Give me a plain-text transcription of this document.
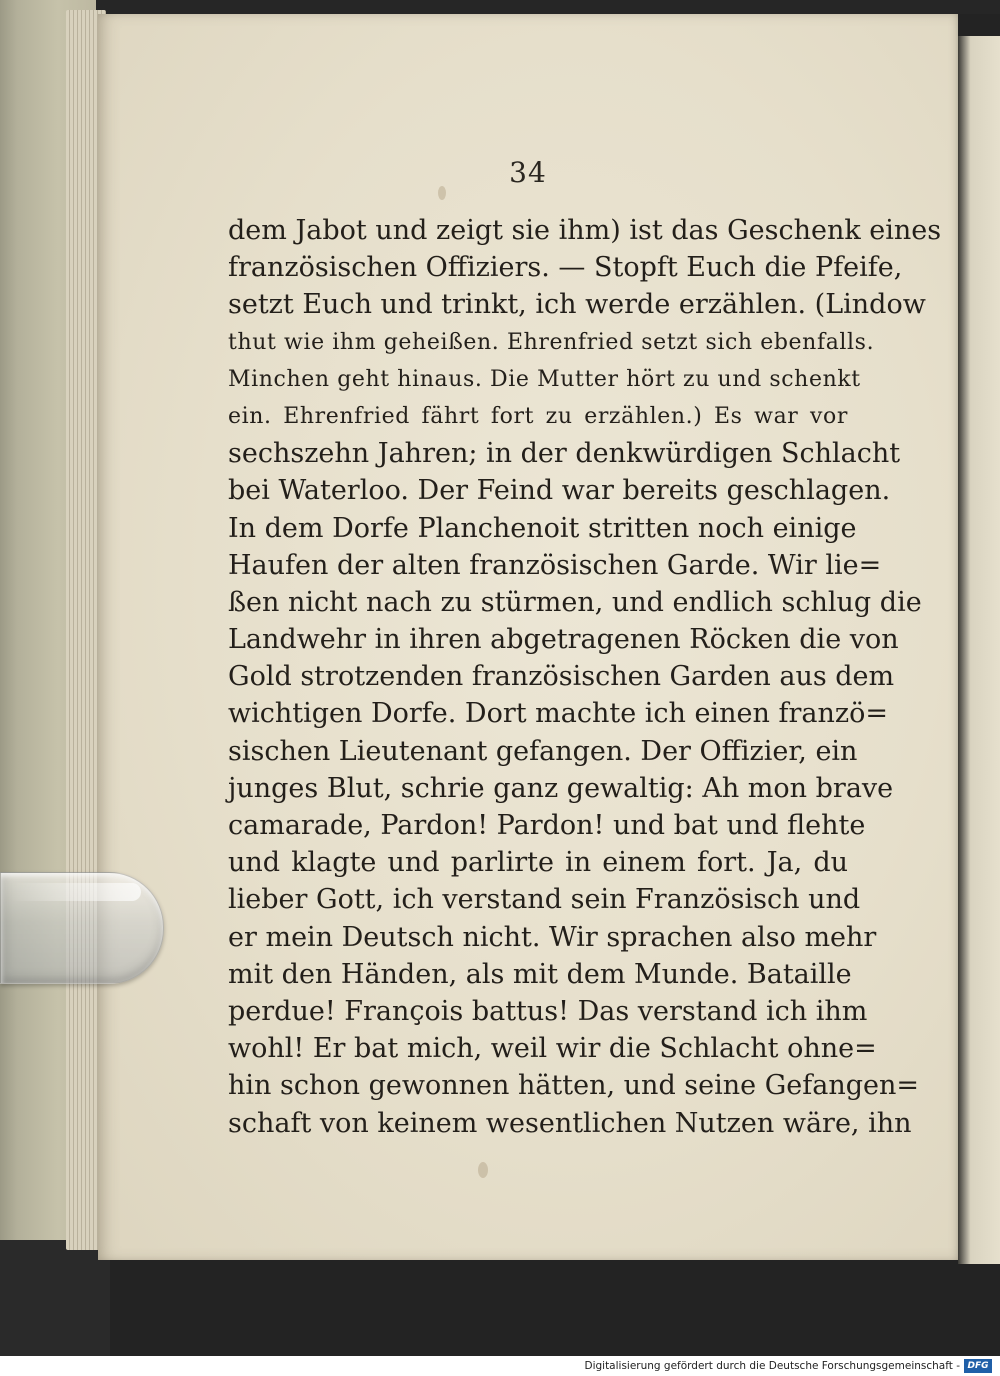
34
dem Jabot und zeigt sie ihm) ist das Geschenk eines
französischen Offiziers. — Stopft Euch die Pfeife,
setzt Euch und trinkt, ich werde erzählen. (Lindow
thut wie ihm geheißen. Ehrenfried setzt sich ebenfalls.
Minchen geht hinaus. Die Mutter hört zu und schenkt
ein. Ehrenfried fährt fort zu erzählen.) Es war vor
sechszehn Jahren; in der denkwürdigen Schlacht
bei Waterloo. Der Feind war bereits geschlagen.
In dem Dorfe Planchenoit stritten noch einige
Haufen der alten französischen Garde. Wir lie=
ßen nicht nach zu stürmen, und endlich schlug die
Landwehr in ihren abgetragenen Röcken die von
Gold strotzenden französischen Garden aus dem
wichtigen Dorfe. Dort machte ich einen franzö=
sischen Lieutenant gefangen. Der Offizier, ein
junges Blut, schrie ganz gewaltig: Ah mon brave
camarade, Pardon! Pardon! und bat und flehte
und klagte und parlirte in einem fort. Ja, du
lieber Gott, ich verstand sein Französisch und
er mein Deutsch nicht. Wir sprachen also mehr
mit den Händen, als mit dem Munde. Bataille
perdue! François battus! Das verstand ich ihm
wohl! Er bat mich, weil wir die Schlacht ohne=
hin schon gewonnen hätten, und seine Gefangen=
schaft von keinem wesentlichen Nutzen wäre, ihn
Digitalisierung gefördert durch die Deutsche Forschungsgemeinschaft - DFG
